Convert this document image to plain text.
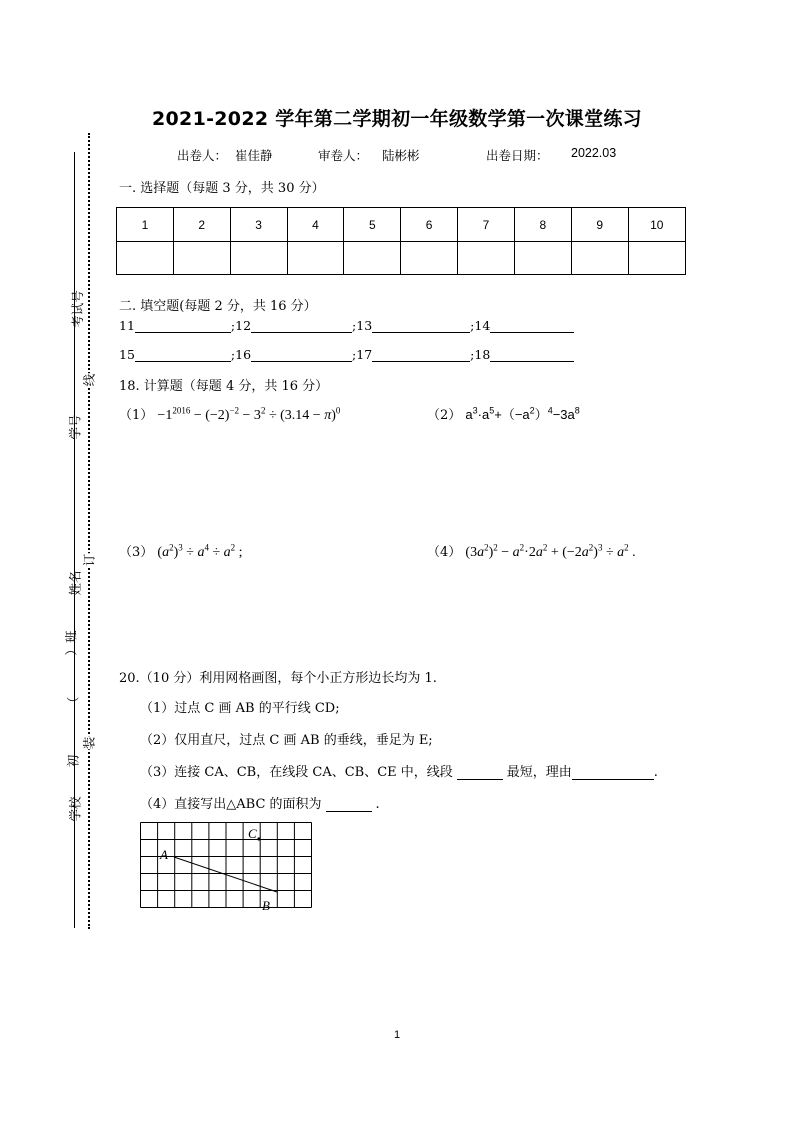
2021-2022 学年第二学期初一年级数学第一次课堂练习
出卷人： 崔佳静	审卷人： 陆彬彬	出卷日期： 2022.03
一. 选择题（每题 3 分，共 30 分）
1	2	3	4	5	6	7	8	9	10

二. 填空题(每题 2 分，共 16 分）
11	;12	;13	;14
15	;16	;17	;18
18. 计算题（每题 4 分，共 16 分）
$(1) -1^{2016} - (-2)^{-2} - 3^2 \div (3.14 - \pi)^0$	（2） $a^3\cdot a^5+(-a^2)^4-3a^8$
（3） $(a^2)^3 \div a^4 \div a^2$ ;	（4） $(3a^2)^2 - a^2\cdot 2a^2 + (-2a^2)^3 \div a^2$ .
20.（10 分）利用网格画图，每个小正方形边长均为 1.
（1）过点 C 画 AB 的平行线 CD;
（2）仅用直尺，过点 C 画 AB 的垂线，垂足为 E;
（3）连接 CA、CB，在线段 CA、CB、CE 中，线段	最短，理由	.
（4）直接写出△ABC 的面积为	.
A
B
C
考试号
学号
姓名
）班
（
初
学校
线
订
装
1
